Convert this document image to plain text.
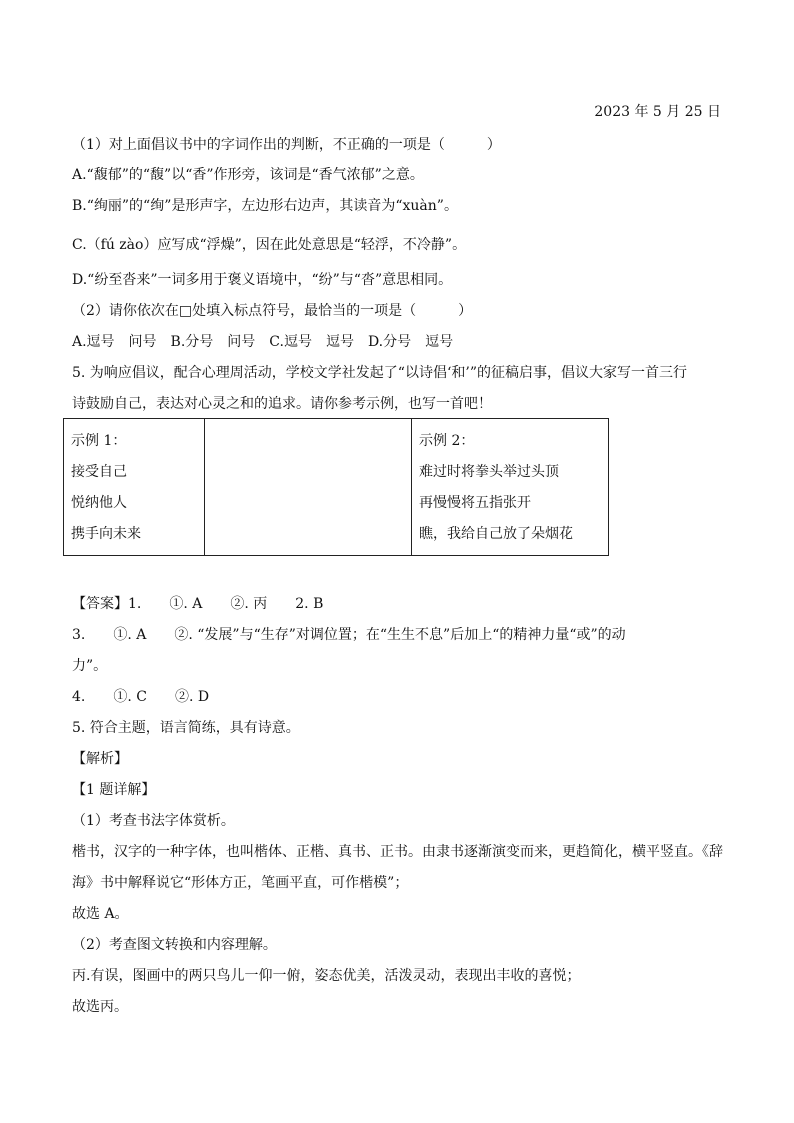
2023 年 5 月 25 日
（1）对上面倡议书中的字词作出的判断，不正确的一项是（　　　）
A.“馥郁”的“馥”以“香”作形旁，该词是“香气浓郁”之意。
B.“绚丽”的“绚”是形声字，左边形右边声，其读音为“xuàn”。
C.（fú zào）应写成“浮燥”，因在此处意思是“轻浮，不冷静”。
D.“纷至沓来”一词多用于褒义语境中，“纷”与“沓”意思相同。
（2）请你依次在□处填入标点符号，最恰当的一项是（　　　）
A.逗号　问号　B.分号　问号　C.逗号　逗号　D.分号　逗号
5. 为响应倡议，配合心理周活动，学校文学社发起了“以诗倡‘和’”的征稿启事，倡议大家写一首三行
诗鼓励自己，表达对心灵之和的追求。请你参考示例，也写一首吧！
示例 1：
接受自己
悦纳他人
携手向未来

示例 2：
难过时将拳头举过头顶
再慢慢将五指张开
瞧，我给自己放了朵烟花
【答案】1.　　①. A　　②. 丙　　2. B
3.　　①. A　　②. “发展”与“生存”对调位置；在“生生不息”后加上“的精神力量“或”的动
力”。
4.　　①. C　　②. D
5. 符合主题，语言简练，具有诗意。
【解析】
【1 题详解】
（1）考查书法字体赏析。
楷书，汉字的一种字体，也叫楷体、正楷、真书、正书。由隶书逐渐演变而来，更趋简化，横平竖直。《辞
海》书中解释说它“形体方正，笔画平直，可作楷模”；
故选 A。
（2）考查图文转换和内容理解。
丙.有误，图画中的两只鸟儿一仰一俯，姿态优美，活泼灵动，表现出丰收的喜悦；
故选丙。
